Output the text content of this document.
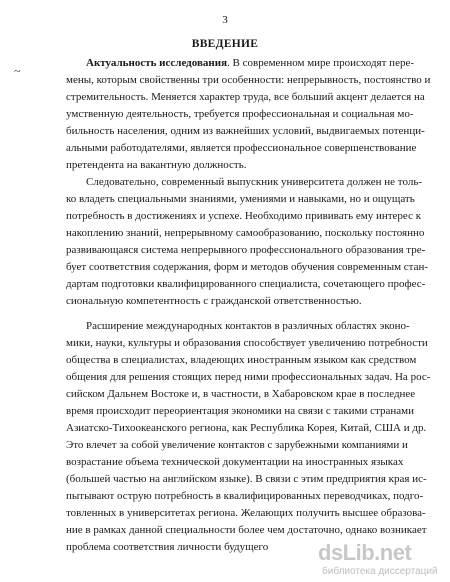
3
ВВЕДЕНИЕ
~
Актуальность исследования. В современном мире происходят пере-
мены, которым свойственны три особенности: непрерывность, постоянство и
стремительность. Меняется характер труда, все больший акцент делается на
умственную деятельность, требуется профессиональная и социальная мо-
бильность населения, одним из важнейших условий, выдвигаемых потенци-
альными работодателями, является профессиональное совершенствование
претендента на вакантную должность.
Следовательно, современный выпускник университета должен не толь-
ко владеть специальными знаниями, умениями и навыками, но и ощущать
потребность в достижениях и успехе. Необходимо прививать ему интерес к
накоплению знаний, непрерывному самообразованию, поскольку постоянно
развивающаяся система непрерывного профессионального образования тре-
бует соответствия содержания, форм и методов обучения современным стан-
дартам подготовки квалифицированного специалиста, сочетающего профес-
сиональную компетентность с гражданской ответственностью.
Расширение международных контактов в различных областях эконо-
мики, науки, культуры и образования способствует увеличению потребности
общества в специалистах, владеющих иностранным языком как средством
общения для решения стоящих перед ними профессиональных задач. На рос-
сийском Дальнем Востоке и, в частности, в Хабаровском крае в последнее
время происходит переориентация экономики на связи с такими странами
Азиатско-Тихоокеанского региона, как Республика Корея, Китай, США и др.
Это влечет за собой увеличение контактов с зарубежными компаниями и
возрастание объема технической документации на иностранных языках
(большей частью на английском языке). В связи с этим предприятия края ис-
пытывают острую потребность в квалифицированных переводчиках, подго-
товленных в университетах региона. Желающих получить высшее образова-
ние в рамках данной специальности более чем достаточно, однако возникает
проблема соответствия личности будущего	dsLib.net
библиотека диссертаций
